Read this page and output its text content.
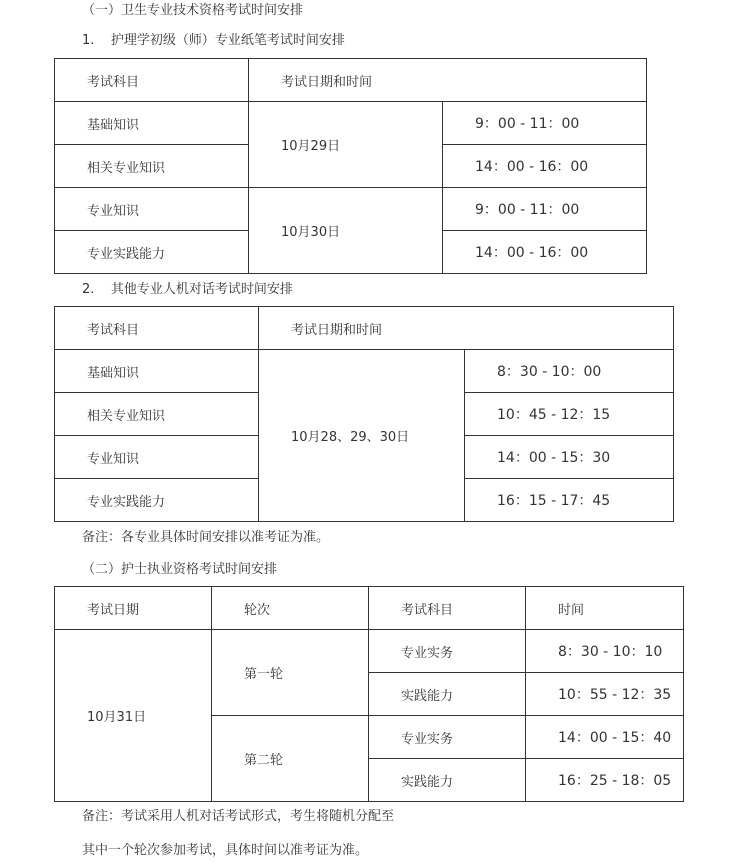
（一）卫生专业技术资格考试时间安排
1.    护理学初级（师）专业纸笔考试时间安排
考试科目	考试日期和时间	
基础知识	10月29日	9：00 - 11：00
相关专业知识		14：00 - 16：00
专业知识	10月30日	9：00 - 11：00
专业实践能力		14：00 - 16：00
2.    其他专业人机对话考试时间安排
考试科目	考试日期和时间	
基础知识	10月28、29、30日	8：30 - 10：00
相关专业知识		10：45 - 12：15
专业知识		14：00 - 15：30
专业实践能力		16：15 - 17：45
备注：各专业具体时间安排以准考证为准。
（二）护士执业资格考试时间安排
考试日期	轮次	考试科目	时间
10月31日	第一轮	专业实务	8：30 - 10：10
		实践能力	10：55 - 12：35
	第二轮	专业实务	14：00 - 15：40
		实践能力	16：25 - 18：05
备注：考试采用人机对话考试形式，考生将随机分配至
其中一个轮次参加考试，具体时间以准考证为准。
